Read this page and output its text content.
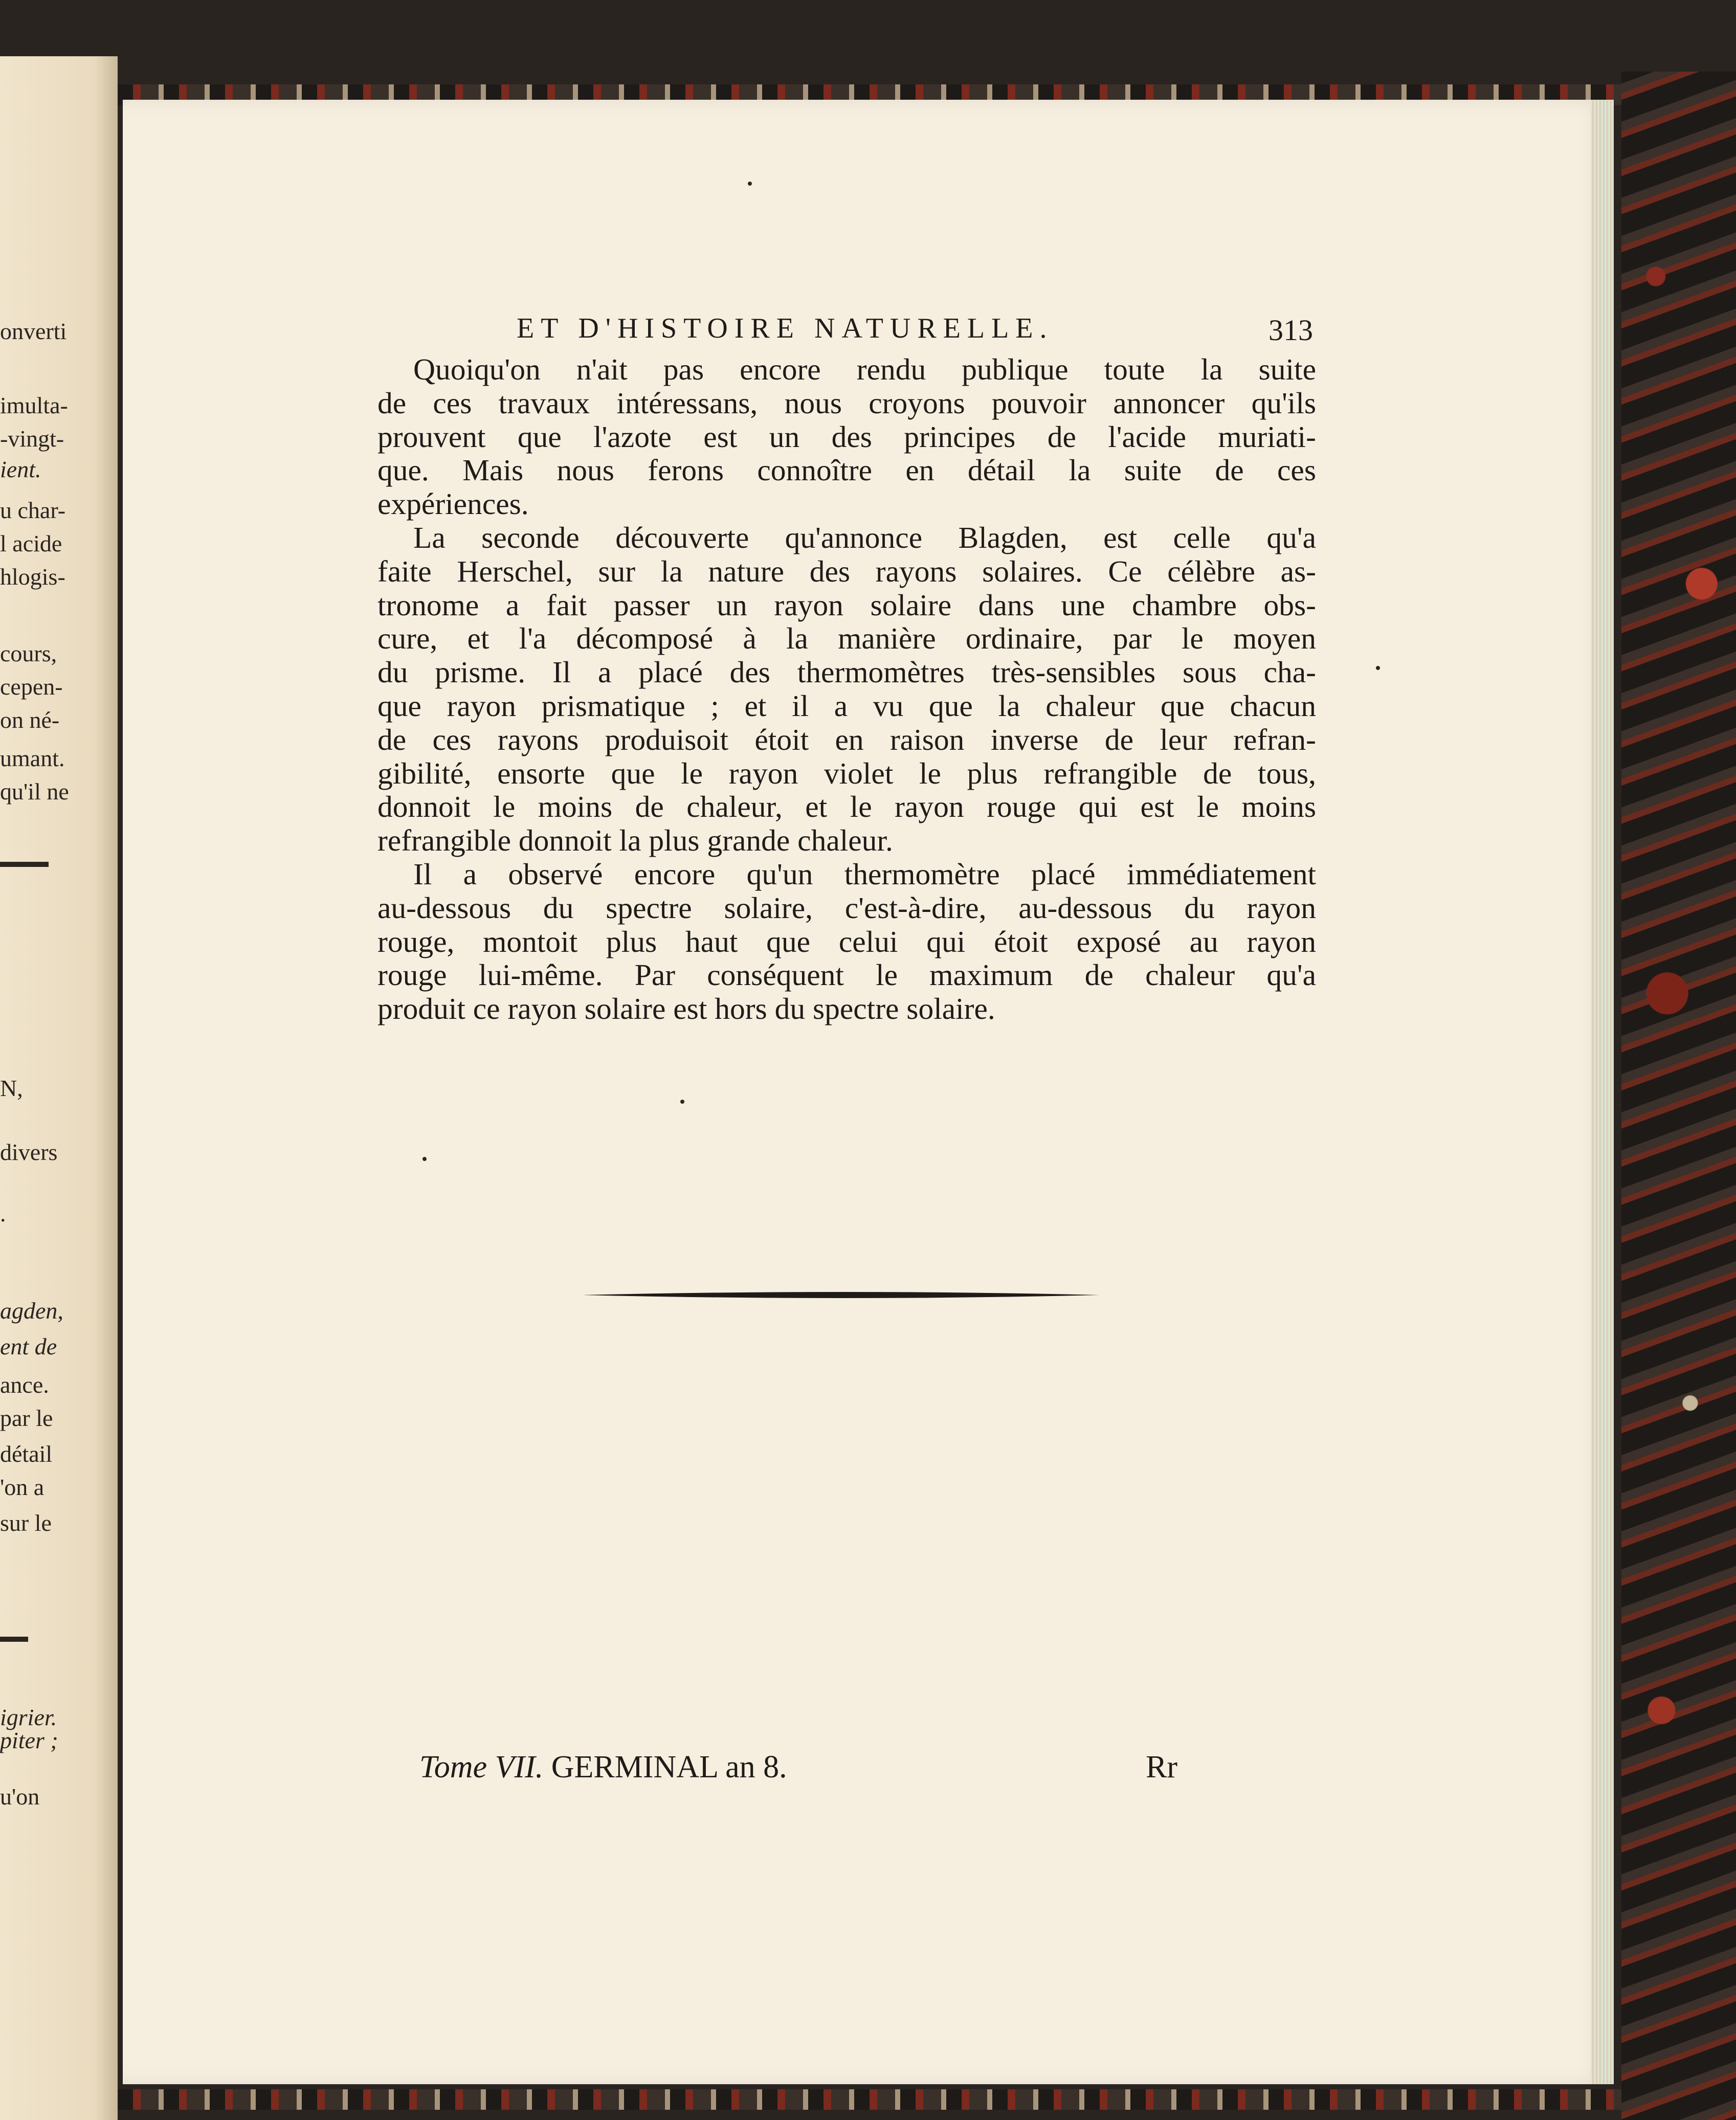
onverti
imulta-
-vingt-
ient.
u char-
l acide
hlogis-
cours,
cepen-
on né-
umant.
qu'il ne
N,
divers
.
agden,
ent de
ance.
par le
détail
'on a
sur le
igrier.
piter ;
u'on
ET D'HISTOIRE NATURELLE.	313
Quoiqu'on n'ait pas encore rendu publique toute la suite
de ces travaux intéressans, nous croyons pouvoir annoncer qu'ils
prouvent que l'azote est un des principes de l'acide muriati-
que. Mais nous ferons connoître en détail la suite de ces
expériences.
La seconde découverte qu'annonce Blagden, est celle qu'a
faite Herschel, sur la nature des rayons solaires. Ce célèbre as-
tronome a fait passer un rayon solaire dans une chambre obs-
cure, et l'a décomposé à la manière ordinaire, par le moyen
du prisme. Il a placé des thermomètres très-sensibles sous cha-
que rayon prismatique ; et il a vu que la chaleur que chacun
de ces rayons produisoit étoit en raison inverse de leur refran-
gibilité, ensorte que le rayon violet le plus refrangible de tous,
donnoit le moins de chaleur, et le rayon rouge qui est le moins
refrangible donnoit la plus grande chaleur.
Il a observé encore qu'un thermomètre placé immédiatement
au-dessous du spectre solaire, c'est-à-dire, au-dessous du rayon
rouge, montoit plus haut que celui qui étoit exposé au rayon
rouge lui-même. Par conséquent le maximum de chaleur qu'a
produit ce rayon solaire est hors du spectre solaire.
Tome VII. GERMINAL an 8.	Rr
